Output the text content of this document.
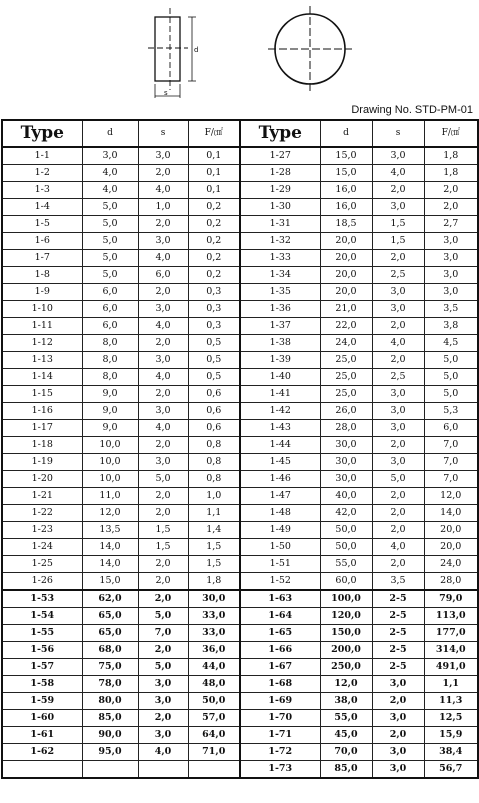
s
d
Drawing No. STD-PM-01
Type	d	s	F/㎠	Type	d	s	F/㎠
1-1	3,0	3,0	0,1	1-27	15,0	3,0	1,8
1-2	4,0	2,0	0,1	1-28	15,0	4,0	1,8
1-3	4,0	4,0	0,1	1-29	16,0	2,0	2,0
1-4	5,0	1,0	0,2	1-30	16,0	3,0	2,0
1-5	5,0	2,0	0,2	1-31	18,5	1,5	2,7
1-6	5,0	3,0	0,2	1-32	20,0	1,5	3,0
1-7	5,0	4,0	0,2	1-33	20,0	2,0	3,0
1-8	5,0	6,0	0,2	1-34	20,0	2,5	3,0
1-9	6,0	2,0	0,3	1-35	20,0	3,0	3,0
1-10	6,0	3,0	0,3	1-36	21,0	3,0	3,5
1-11	6,0	4,0	0,3	1-37	22,0	2,0	3,8
1-12	8,0	2,0	0,5	1-38	24,0	4,0	4,5
1-13	8,0	3,0	0,5	1-39	25,0	2,0	5,0
1-14	8,0	4,0	0,5	1-40	25,0	2,5	5,0
1-15	9,0	2,0	0,6	1-41	25,0	3,0	5,0
1-16	9,0	3,0	0,6	1-42	26,0	3,0	5,3
1-17	9,0	4,0	0,6	1-43	28,0	3,0	6,0
1-18	10,0	2,0	0,8	1-44	30,0	2,0	7,0
1-19	10,0	3,0	0,8	1-45	30,0	3,0	7,0
1-20	10,0	5,0	0,8	1-46	30,0	5,0	7,0
1-21	11,0	2,0	1,0	1-47	40,0	2,0	12,0
1-22	12,0	2,0	1,1	1-48	42,0	2,0	14,0
1-23	13,5	1,5	1,4	1-49	50,0	2,0	20,0
1-24	14,0	1,5	1,5	1-50	50,0	4,0	20,0
1-25	14,0	2,0	1,5	1-51	55,0	2,0	24,0
1-26	15,0	2,0	1,8	1-52	60,0	3,5	28,0
1-53	62,0	2,0	30,0	1-63	100,0	2-5	79,0
1-54	65,0	5,0	33,0	1-64	120,0	2-5	113,0
1-55	65,0	7,0	33,0	1-65	150,0	2-5	177,0
1-56	68,0	2,0	36,0	1-66	200,0	2-5	314,0
1-57	75,0	5,0	44,0	1-67	250,0	2-5	491,0
1-58	78,0	3,0	48,0	1-68	12,0	3,0	1,1
1-59	80,0	3,0	50,0	1-69	38,0	2,0	11,3
1-60	85,0	2,0	57,0	1-70	55,0	3,0	12,5
1-61	90,0	3,0	64,0	1-71	45,0	2,0	15,9
1-62	95,0	4,0	71,0	1-72	70,0	3,0	38,4
				1-73	85,0	3,0	56,7
